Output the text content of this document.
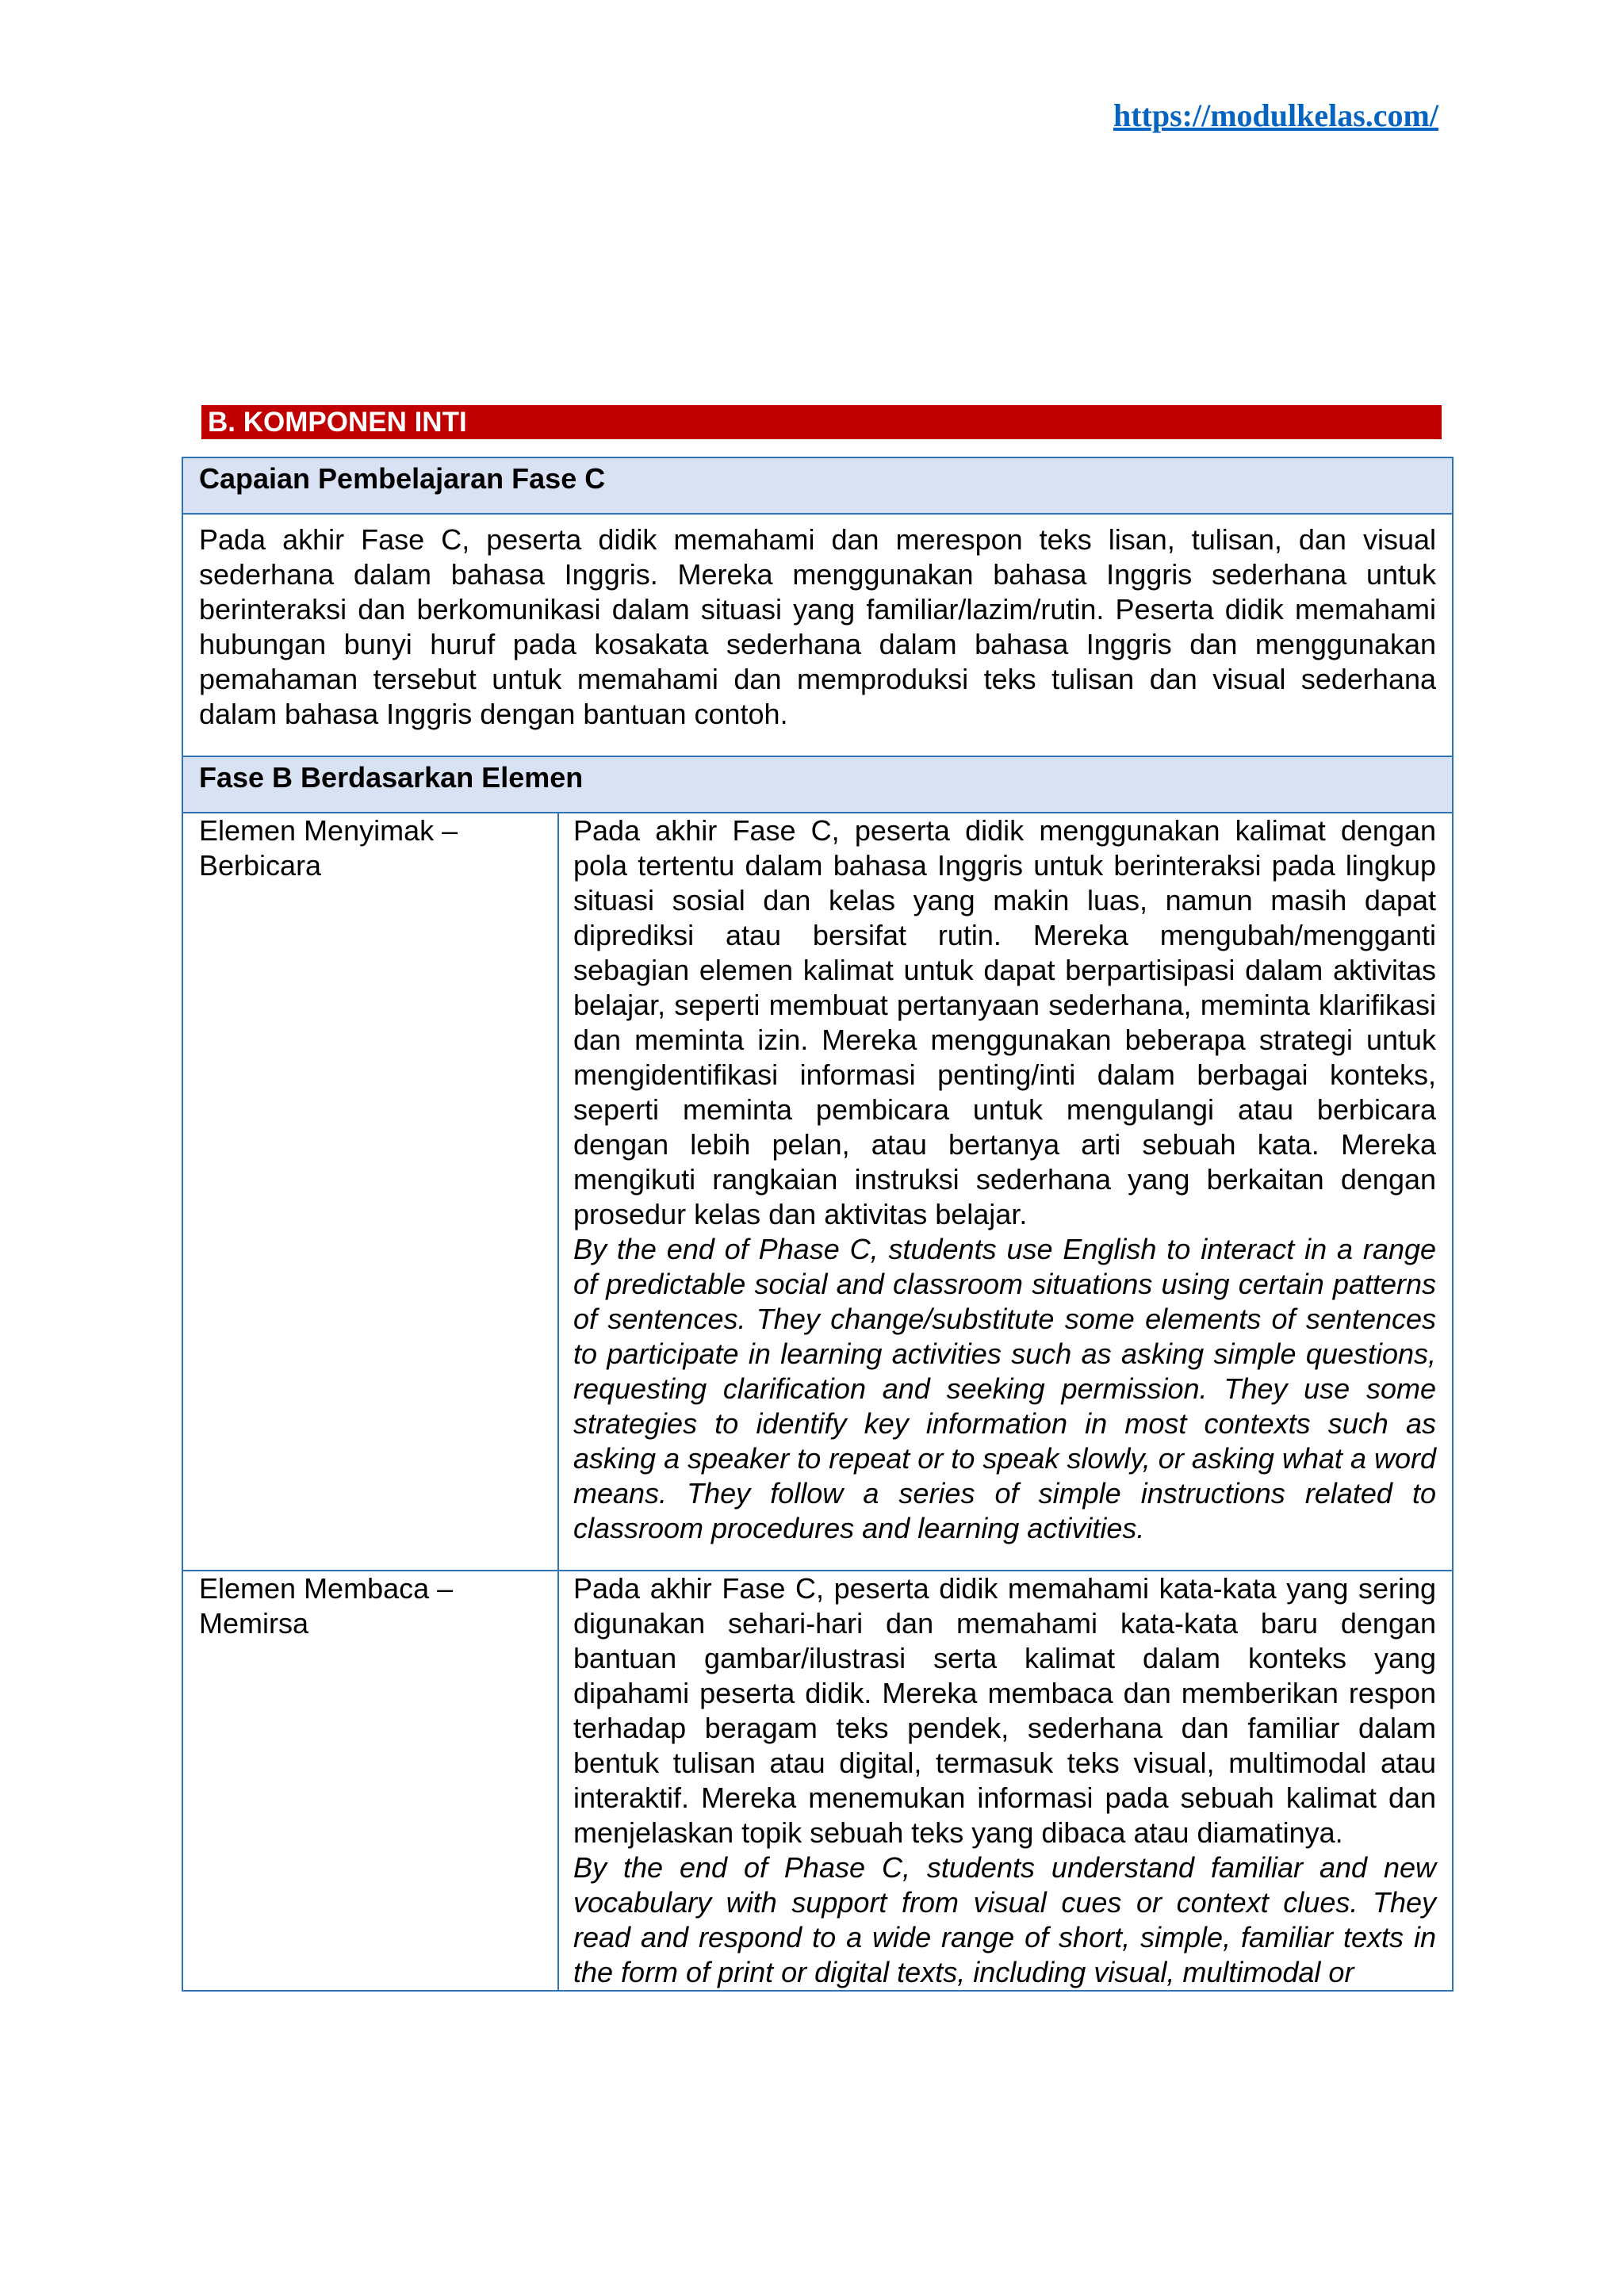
https://modulkelas.com/
B. KOMPONEN INTI
Capaian Pembelajaran Fase C	
Pada akhir Fase C, peserta didik memahami dan merespon teks lisan, tulisan, dan visual sederhana dalam bahasa Inggris. Mereka menggunakan bahasa Inggris sederhana untuk berinteraksi dan berkomunikasi dalam situasi yang familiar/lazim/rutin. Peserta didik memahami hubungan bunyi huruf pada kosakata sederhana dalam bahasa Inggris dan menggunakan pemahaman tersebut untuk memahami dan memproduksi teks tulisan dan visual sederhana dalam bahasa Inggris dengan bantuan contoh.	
Fase B Berdasarkan Elemen	
Elemen Menyimak – Berbicara	Pada akhir Fase C, peserta didik menggunakan kalimat dengan pola tertentu dalam bahasa Inggris untuk berinteraksi pada lingkup situasi sosial dan kelas yang makin luas, namun masih dapat diprediksi atau bersifat rutin. Mereka mengubah/mengganti sebagian elemen kalimat untuk dapat berpartisipasi dalam aktivitas belajar, seperti membuat pertanyaan sederhana, meminta klarifikasi dan meminta izin. Mereka menggunakan beberapa strategi untuk mengidentifikasi informasi penting/inti dalam berbagai konteks, seperti meminta pembicara untuk mengulangi atau berbicara dengan lebih pelan, atau bertanya arti sebuah kata. Mereka mengikuti rangkaian instruksi sederhana yang berkaitan dengan prosedur kelas dan aktivitas belajar.

By the end of Phase C, students use English to interact in a range of predictable social and classroom situations using certain patterns of sentences. They change/substitute some elements of sentences to participate in learning activities such as asking simple questions, requesting clarification and seeking permission. They use some strategies to identify key information in most contexts such as asking a speaker to repeat or to speak slowly, or asking what a word means. They follow a series of simple instructions related to classroom procedures and learning activities.

Elemen Membaca – Memirsa	Pada akhir Fase C, peserta didik memahami kata-kata yang sering digunakan sehari-hari dan memahami kata-kata baru dengan bantuan gambar/ilustrasi serta kalimat dalam konteks yang dipahami peserta didik. Mereka membaca dan memberikan respon terhadap beragam teks pendek, sederhana dan familiar dalam bentuk tulisan atau digital, termasuk teks visual, multimodal atau interaktif. Mereka menemukan informasi pada sebuah kalimat dan menjelaskan topik sebuah teks yang dibaca atau diamatinya.

By the end of Phase C, students understand familiar and new vocabulary with support from visual cues or context clues. They read and respond to a wide range of short, simple, familiar texts in the form of print or digital texts, including visual, multimodal or
